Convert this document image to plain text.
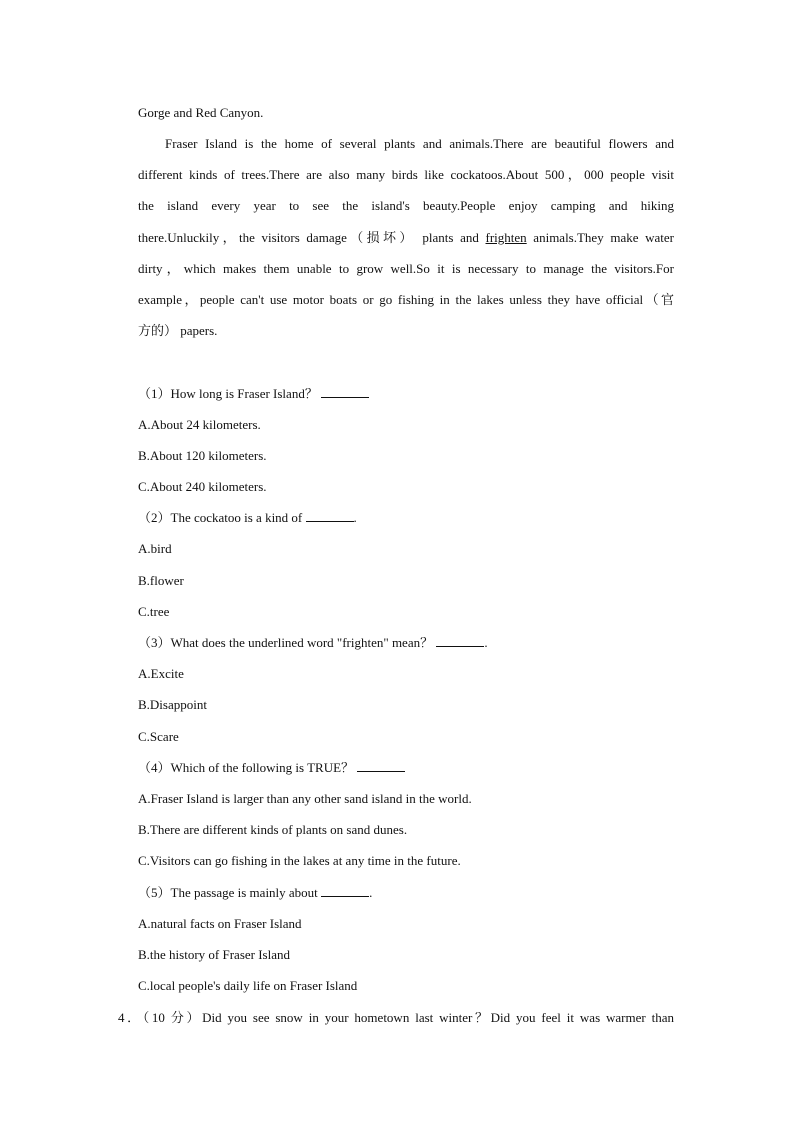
Gorge and Red Canyon.
Fraser Island is the home of several plants and animals.There are beautiful flowers and
different kinds of trees.There are also many birds like cockatoos.About 500，000 people visit
the island every year to see the island's beauty.People enjoy camping and hiking
there.Unluckily，the visitors damage（损坏） plants and frighten animals.They make water
dirty，which makes them unable to grow well.So it is necessary to manage the visitors.For
example，people can't use motor boats or go fishing in the lakes unless they have official（官
方的） papers.
（1）How long is Fraser Island？
A.About 24 kilometers.
B.About 120 kilometers.
C.About 240 kilometers.
（2）The cockatoo is a kind of	.
A.bird
B.flower
C.tree
（3）What does the underlined word "frighten" mean？	.
A.Excite
B.Disappoint
C.Scare
（4）Which of the following is TRUE？
A.Fraser Island is larger than any other sand island in the world.
B.There are different kinds of plants on sand dunes.
C.Visitors can go fishing in the lakes at any time in the future.
（5）The passage is mainly about	.
A.natural facts on Fraser Island
B.the history of Fraser Island
C.local people's daily life on Fraser Island
4．（10 分）Did you see snow in your hometown last winter？Did you feel it was warmer than
